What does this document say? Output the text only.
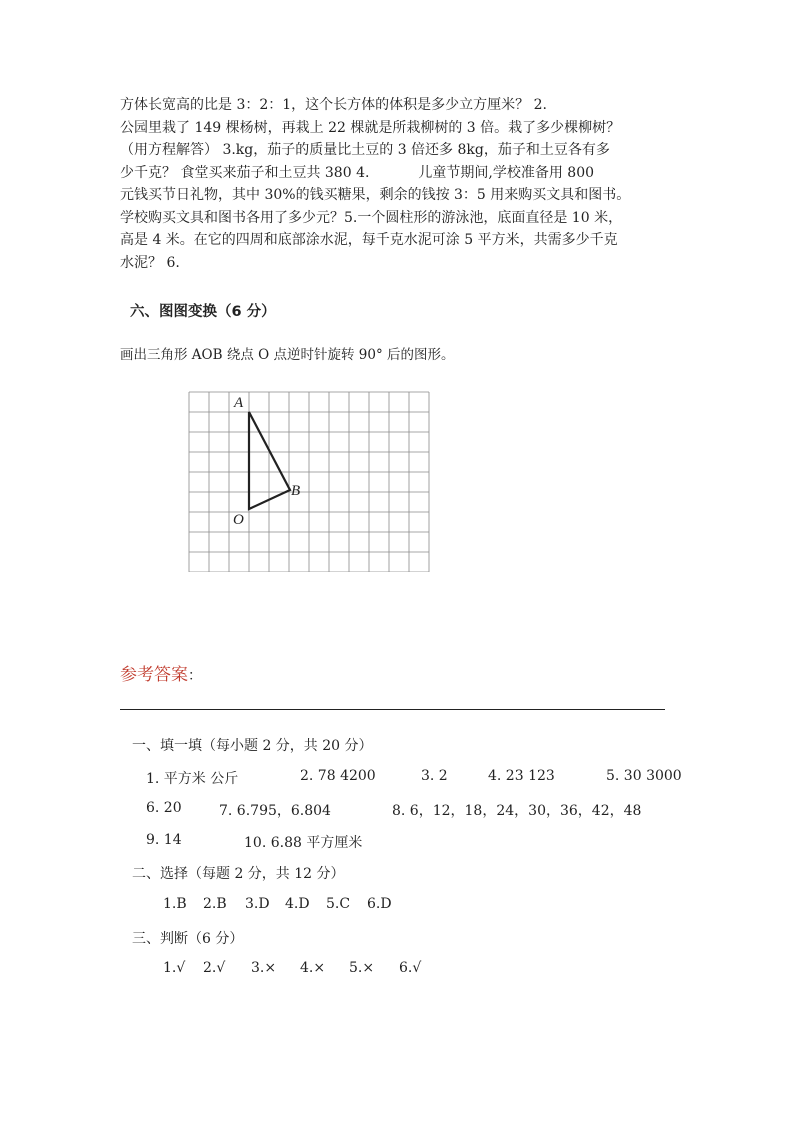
方体长宽高的比是 3：2：1，这个长方体的体积是多少立方厘米？ 2.
公园里栽了 149 棵杨树，再栽上 22 棵就是所栽柳树的 3 倍。栽了多少棵柳树？
（用方程解答） 3.kg，茄子的质量比土豆的 3 倍还多 8kg，茄子和土豆各有多
少千克？ 食堂买来茄子和土豆共 380 4.           儿童节期间,学校准备用 800
元钱买节日礼物，其中 30%的钱买糖果，剩余的钱按 3：5 用来购买文具和图书。
学校购买文具和图书各用了多少元？5.一个圆柱形的游泳池，底面直径是 10 米，
高是 4 米。在它的四周和底部涂水泥，每千克水泥可涂 5 平方米，共需多少千克
水泥？ 6.
六、图图变换（6 分）
画出三角形 AOB 绕点 O 点逆时针旋转 90° 后的图形。
A
B
O
参考答案：
一、填一填（每小题 2 分，共 20 分）
1. 平方米 公斤	2. 78 4200	3. 2	4. 23 123	5. 30 3000
6. 20	7. 6.795，6.804	8. 6，12，18，24，30，36，42，48
9. 14	10. 6.88 平方厘米
二、选择（每题 2 分，共 12 分）
1.B 2.B 3.D 4.D 5.C 6.D
三、判断（6 分）
1.√ 2.√ 3.× 4.× 5.× 6.√
